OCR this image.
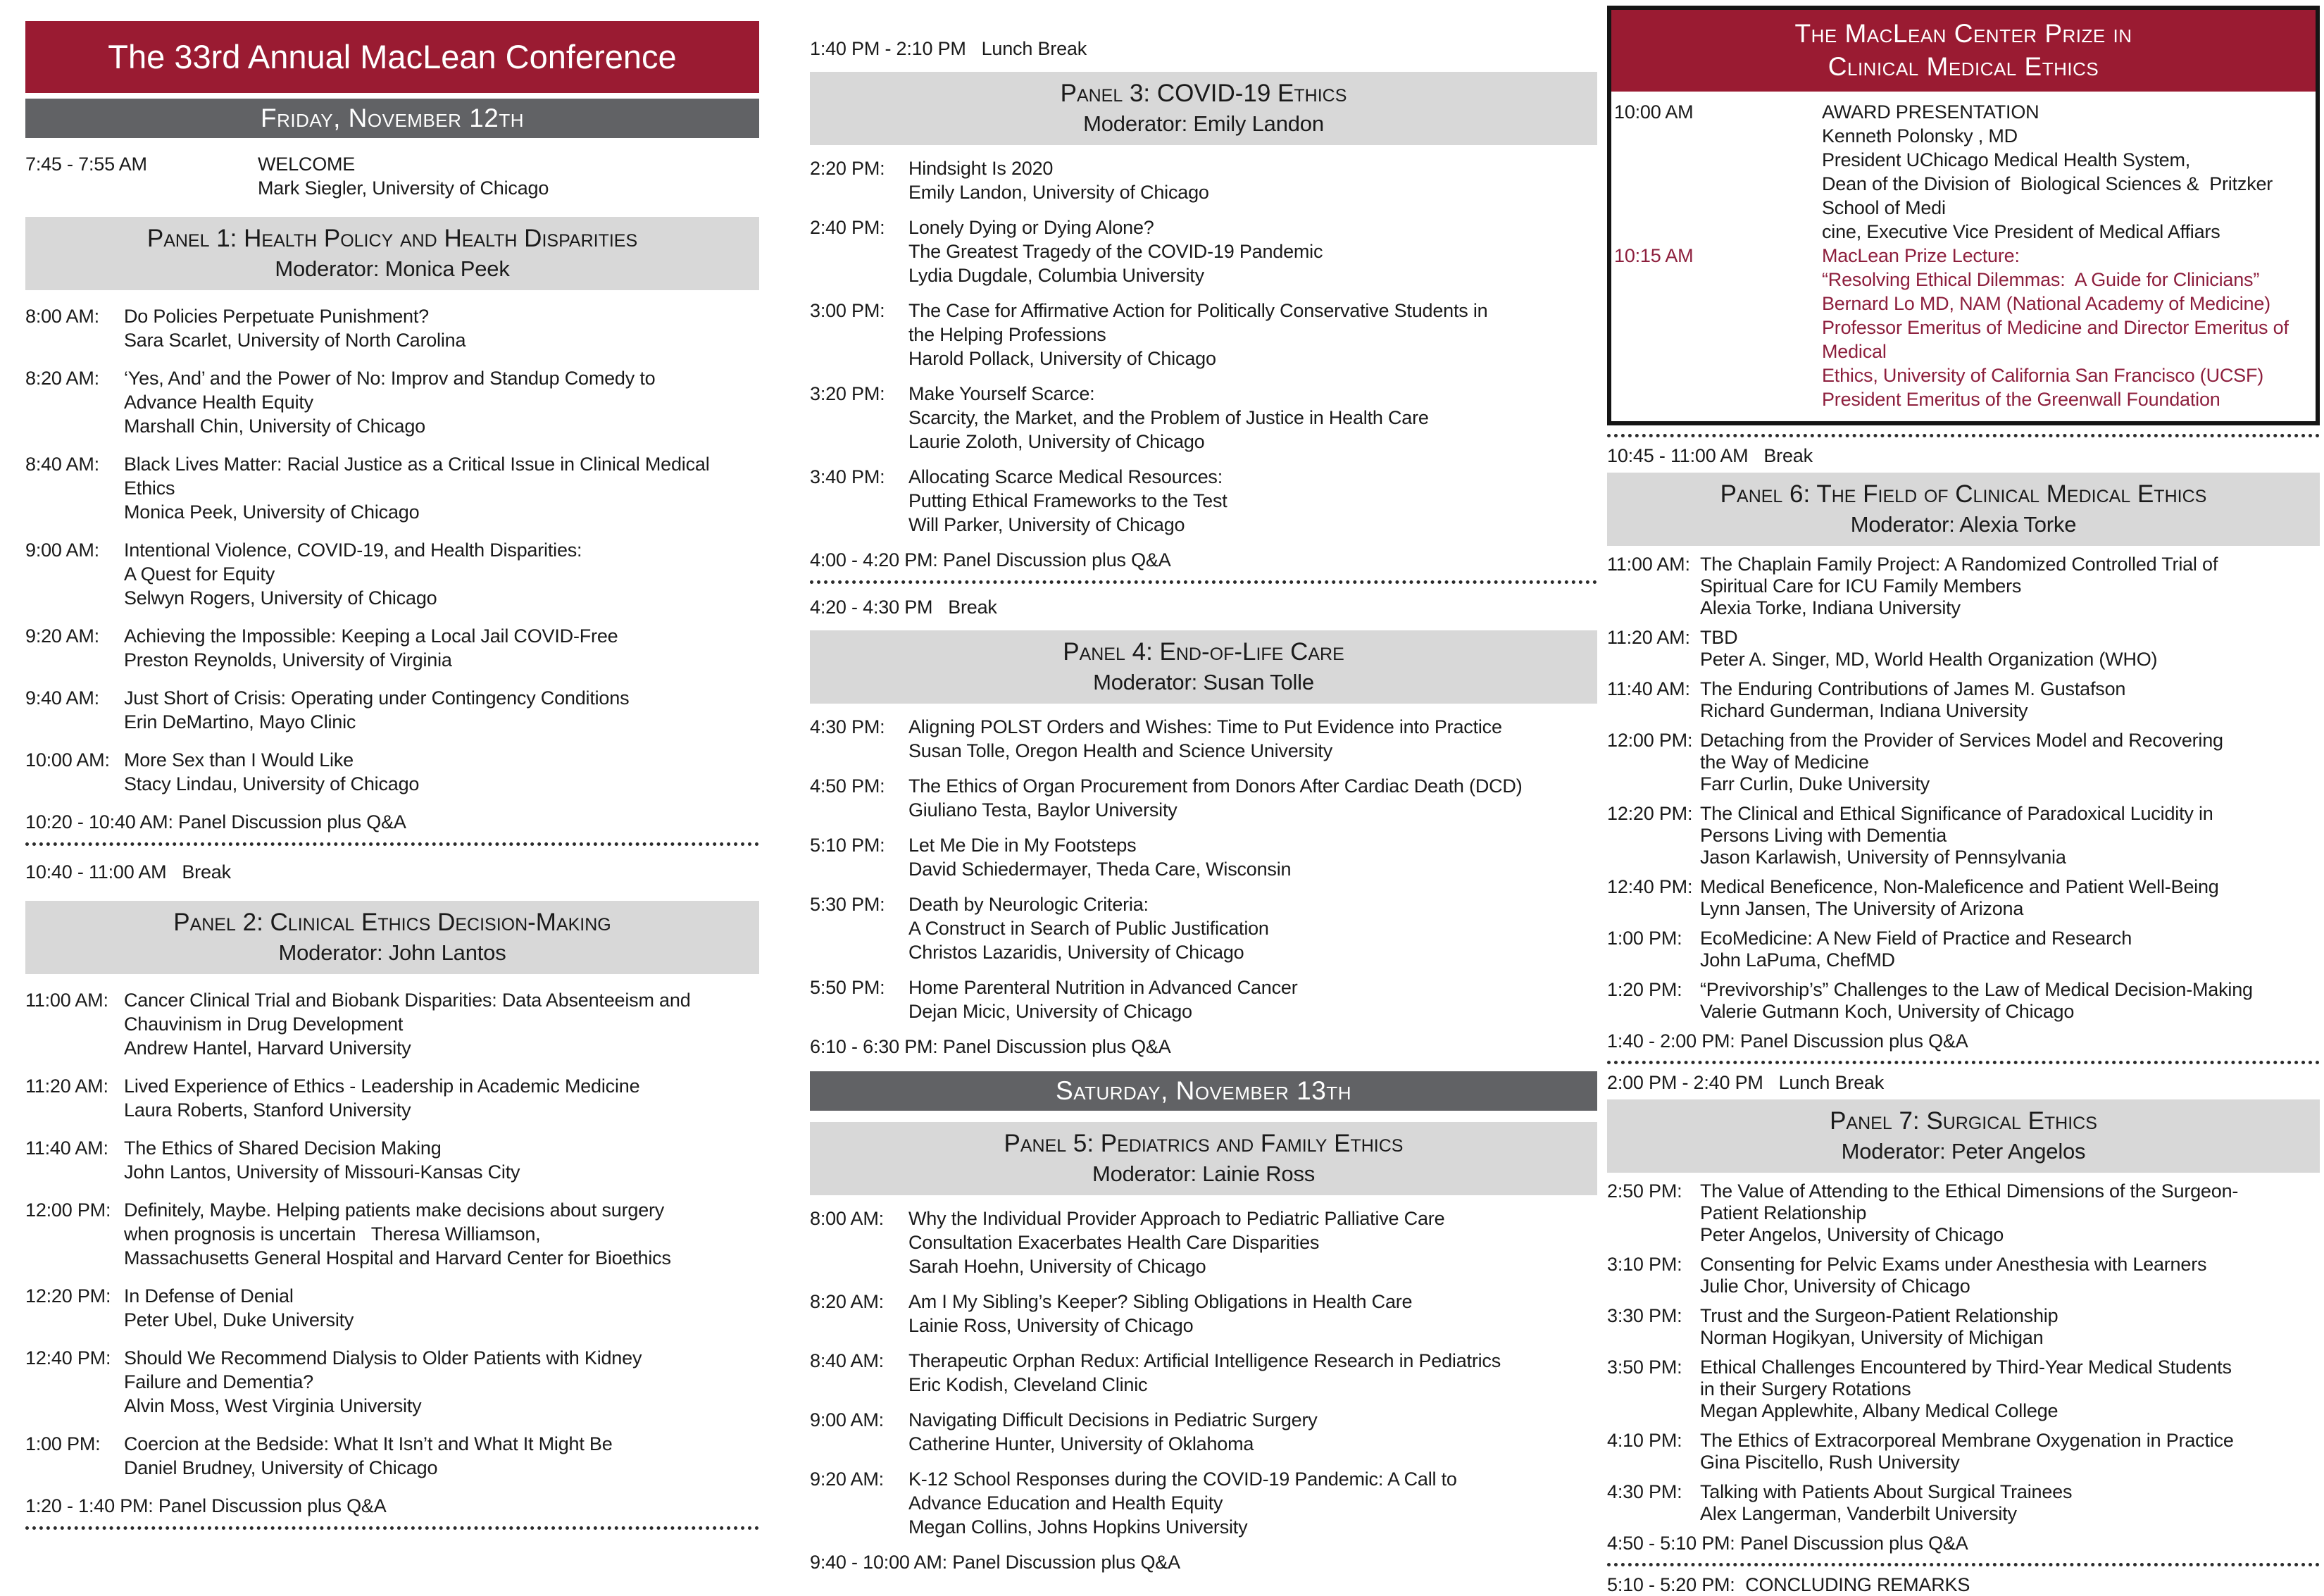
The 33rd Annual MacLean Conference
Friday, November 12th
7:45 - 7:55 AM	WELCOME
Mark Siegler, University of Chicago
Panel 1: Health Policy and Health Disparities
Moderator: Monica Peek
8:00 AM:	Do Policies Perpetuate Punishment?
Sara Scarlet, University of North Carolina
8:20 AM:	‘Yes, And’ and the Power of No: Improv and Standup Comedy to
Advance Health Equity
Marshall Chin, University of Chicago
8:40 AM:	Black Lives Matter: Racial Justice as a Critical Issue in Clinical Medical
Ethics
Monica Peek, University of Chicago
9:00 AM:	Intentional Violence, COVID-19, and Health Disparities:
A Quest for Equity
Selwyn Rogers, University of Chicago
9:20 AM:	Achieving the Impossible: Keeping a Local Jail COVID-Free
Preston Reynolds, University of Virginia
9:40 AM:	Just Short of Crisis: Operating under Contingency Conditions
Erin DeMartino, Mayo Clinic
10:00 AM: More Sex than I Would Like
Stacy Lindau, University of Chicago
10:20 - 10:40 AM: Panel Discussion plus Q&A
10:40 - 11:00 AM   Break
Panel 2: Clinical Ethics Decision-Making
Moderator: John Lantos
11:00 AM: Cancer Clinical Trial and Biobank Disparities: Data Absenteeism and
Chauvinism in Drug Development
Andrew Hantel, Harvard University
11:20 AM: Lived Experience of Ethics - Leadership in Academic Medicine
Laura Roberts, Stanford University
11:40 AM: The Ethics of Shared Decision Making
John Lantos, University of Missouri-Kansas City
12:00 PM: Definitely, Maybe. Helping patients make decisions about surgery
when prognosis is uncertain   Theresa Williamson,
Massachusetts General Hospital and Harvard Center for Bioethics
12:20 PM: In Defense of Denial
Peter Ubel, Duke University
12:40 PM: Should We Recommend Dialysis to Older Patients with Kidney
Failure and Dementia?
Alvin Moss, West Virginia University
1:00 PM:	Coercion at the Bedside: What It Isn’t and What It Might Be
Daniel Brudney, University of Chicago
1:20 - 1:40 PM: Panel Discussion plus Q&A
1:40 PM - 2:10 PM   Lunch Break
Panel 3: COVID-19 Ethics
Moderator: Emily Landon
2:20 PM:	Hindsight Is 2020
Emily Landon, University of Chicago
2:40 PM:	Lonely Dying or Dying Alone?
The Greatest Tragedy of the COVID-19 Pandemic
Lydia Dugdale, Columbia University
3:00 PM:	The Case for Affirmative Action for Politically Conservative Students in
the Helping Professions
Harold Pollack, University of Chicago
3:20 PM:	Make Yourself Scarce:
Scarcity, the Market, and the Problem of Justice in Health Care
Laurie Zoloth, University of Chicago
3:40 PM:	Allocating Scarce Medical Resources:
Putting Ethical Frameworks to the Test
Will Parker, University of Chicago
4:00 - 4:20 PM: Panel Discussion plus Q&A
4:20 - 4:30 PM   Break
Panel 4: End-of-Life Care
Moderator: Susan Tolle
4:30 PM:	Aligning POLST Orders and Wishes: Time to Put Evidence into Practice
Susan Tolle, Oregon Health and Science University
4:50 PM:	The Ethics of Organ Procurement from Donors After Cardiac Death (DCD)
Giuliano Testa, Baylor University
5:10 PM:	Let Me Die in My Footsteps
David Schiedermayer, Theda Care, Wisconsin
5:30 PM:	Death by Neurologic Criteria:
A Construct in Search of Public Justification
Christos Lazaridis, University of Chicago
5:50 PM:	Home Parenteral Nutrition in Advanced Cancer
Dejan Micic, University of Chicago
6:10 - 6:30 PM: Panel Discussion plus Q&A
Saturday, November 13th
Panel 5: Pediatrics and Family Ethics
Moderator: Lainie Ross
8:00 AM:	Why the Individual Provider Approach to Pediatric Palliative Care
Consultation Exacerbates Health Care Disparities
Sarah Hoehn, University of Chicago
8:20 AM:	Am I My Sibling’s Keeper? Sibling Obligations in Health Care
Lainie Ross, University of Chicago
8:40 AM:	Therapeutic Orphan Redux: Artificial Intelligence Research in Pediatrics
Eric Kodish, Cleveland Clinic
9:00 AM:	Navigating Difficult Decisions in Pediatric Surgery
Catherine Hunter, University of Oklahoma
9:20 AM:	K-12 School Responses during the COVID-19 Pandemic: A Call to
Advance Education and Health Equity
Megan Collins, Johns Hopkins University
9:40 - 10:00 AM: Panel Discussion plus Q&A
The MacLean Center Prize in
Clinical Medical Ethics
10:00 AM	AWARD PRESENTATION
Kenneth Polonsky , MD
President UChicago Medical Health System,
Dean of the Division of  Biological Sciences &  Pritzker School of Medi
cine, Executive Vice President of Medical Affiars
10:15 AM	MacLean Prize Lecture:
“Resolving Ethical Dilemmas:  A Guide for Clinicians”
Bernard Lo MD, NAM (National Academy of Medicine)
Professor Emeritus of Medicine and Director Emeritus of Medical
Ethics, University of California San Francisco (UCSF)
President Emeritus of the Greenwall Foundation
10:45 - 11:00 AM   Break
Panel 6: The Field of Clinical Medical Ethics
Moderator: Alexia Torke
11:00 AM: The Chaplain Family Project: A Randomized Controlled Trial of
Spiritual Care for ICU Family Members
Alexia Torke, Indiana University
11:20 AM: TBD
Peter A. Singer, MD, World Health Organization (WHO)
11:40 AM: The Enduring Contributions of James M. Gustafson
Richard Gunderman, Indiana University
12:00 PM: Detaching from the Provider of Services Model and Recovering
the Way of Medicine
Farr Curlin, Duke University
12:20 PM: The Clinical and Ethical Significance of Paradoxical Lucidity in
Persons Living with Dementia
Jason Karlawish, University of Pennsylvania
12:40 PM: Medical Beneficence, Non-Maleficence and Patient Well-Being
Lynn Jansen, The University of Arizona
1:00 PM: EcoMedicine: A New Field of Practice and Research
John LaPuma, ChefMD
1:20 PM: “Previvorship’s” Challenges to the Law of Medical Decision-Making
Valerie Gutmann Koch, University of Chicago
1:40 - 2:00 PM: Panel Discussion plus Q&A
2:00 PM - 2:40 PM   Lunch Break
Panel 7: Surgical Ethics
Moderator: Peter Angelos
2:50 PM: The Value of Attending to the Ethical Dimensions of the Surgeon-
Patient Relationship
Peter Angelos, University of Chicago
3:10 PM: Consenting for Pelvic Exams under Anesthesia with Learners
Julie Chor, University of Chicago
3:30 PM: Trust and the Surgeon-Patient Relationship
Norman Hogikyan, University of Michigan
3:50 PM: Ethical Challenges Encountered by Third-Year Medical Students
in their Surgery Rotations
Megan Applewhite, Albany Medical College
4:10 PM: The Ethics of Extracorporeal Membrane Oxygenation in Practice
Gina Piscitello, Rush University
4:30 PM: Talking with Patients About Surgical Trainees
Alex Langerman, Vanderbilt University
4:50 - 5:10 PM: Panel Discussion plus Q&A
5:10 - 5:20 PM:  CONCLUDING REMARKS
